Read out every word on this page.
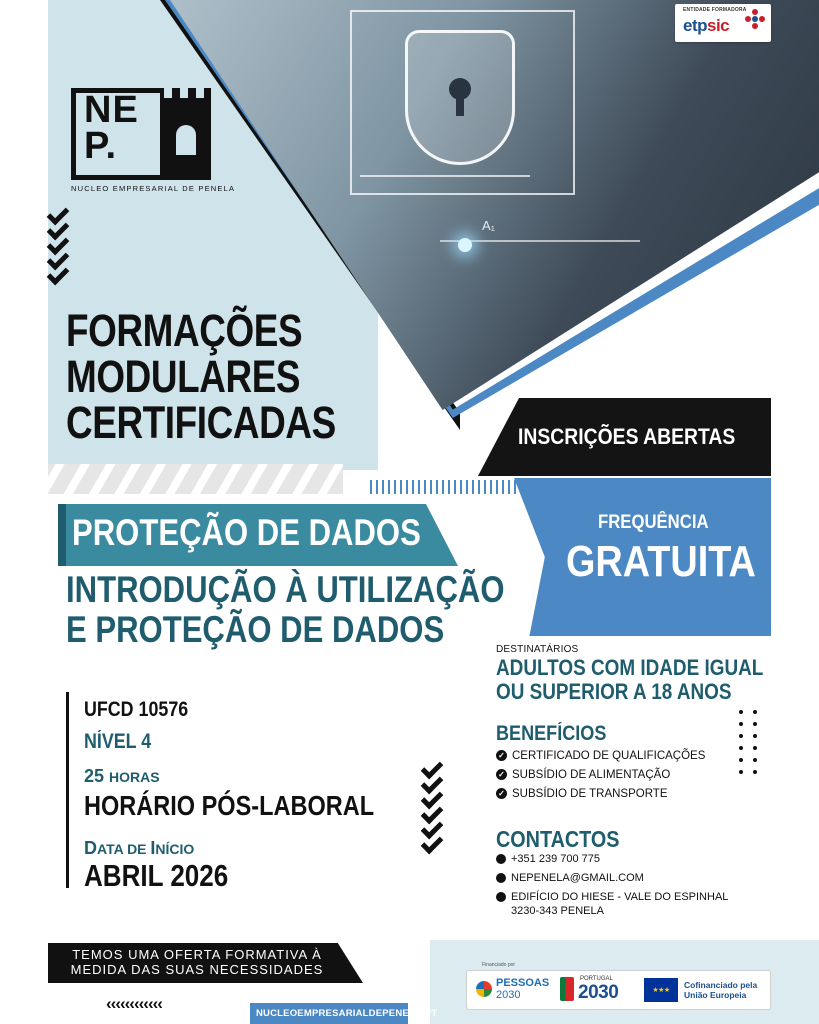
A₁
ENTIDADE FORMADORA
etpsic
NE
P.
NUCLEO EMPRESARIAL DE PENELA
FORMAÇÕES
MODULARES
CERTIFICADAS	INSCRIÇÕES ABERTAS
FREQUÊNCIA
GRATUITA
PROTEÇÃO DE DADOS
INTRODUÇÃO À UTILIZAÇÃO
E PROTEÇÃO DE DADOS
UFCD 10576
NÍVEL 4
25 HORAS
HORÁRIO PÓS-LABORAL
DATA DE INÍCIO
ABRIL 2026
DESTINATÁRIOS
ADULTOS COM IDADE IGUAL
OU SUPERIOR A 18 ANOS
BENEFÍCIOS
✓ CERTIFICADO DE QUALIFICAÇÕES
✓ SUBSÍDIO DE ALIMENTAÇÃO
✓ SUBSÍDIO DE TRANSPORTE
CONTACTOS
+351 239 700 775
NEPENELA@GMAIL.COM
EDIFÍCIO DO HIESE - VALE DO ESPINHAL
3230-343 PENELA
TEMOS UMA OFERTA FORMATIVA À
MEDIDA DAS SUAS NECESSIDADES
‹‹‹‹‹‹‹‹‹‹‹‹
NUCLEOEMPRESARIALDEPENELA.PT
Financiado por
PESSOAS
2030
PORTUGAL
2030	★★★
Cofinanciado pela
União Europeia
